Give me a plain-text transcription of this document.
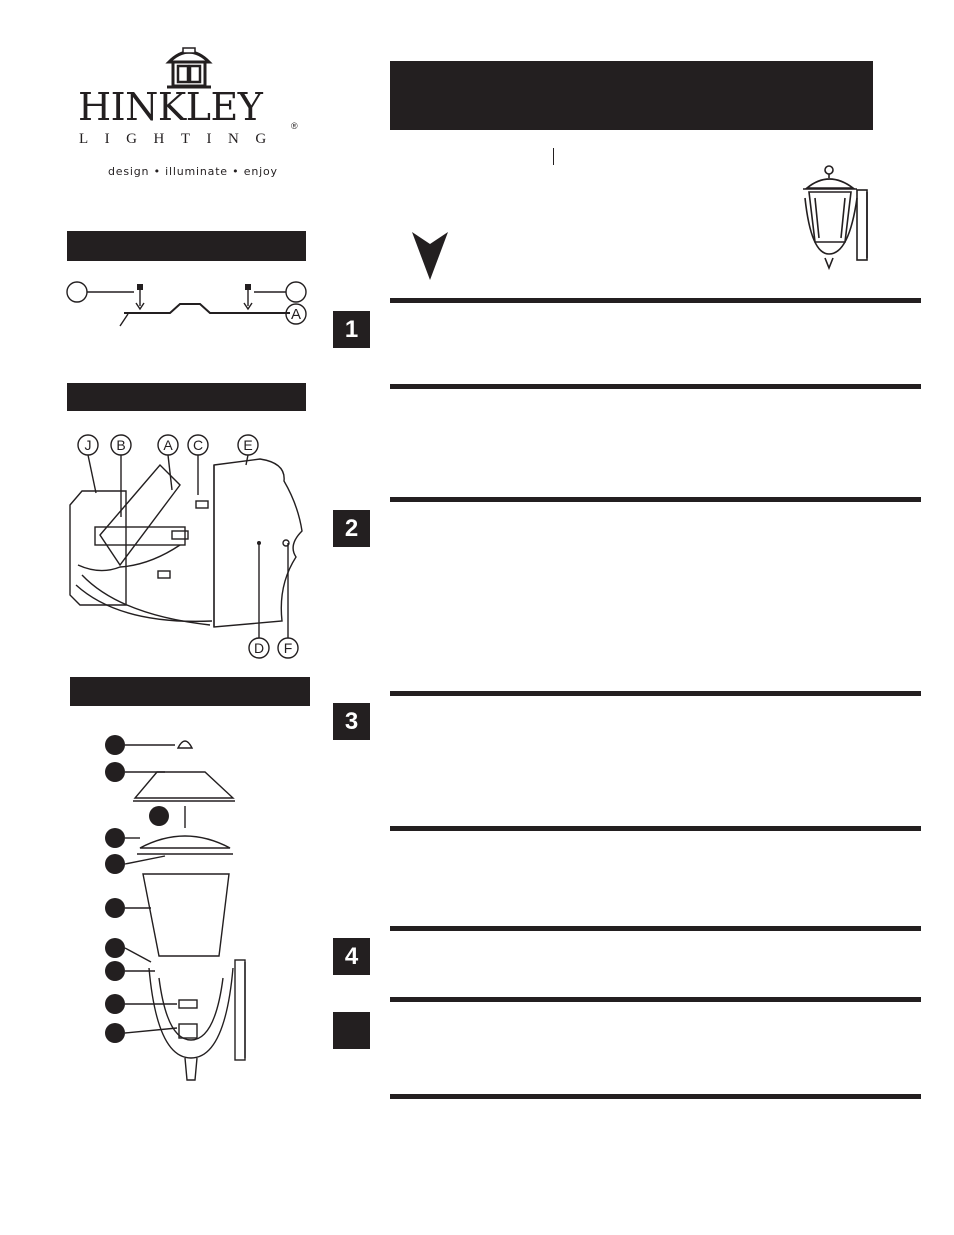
HINKLEY	®
LIGHTING
design • illuminate • enjoy
1
2
3
4
A
J B	A C	E
D F
